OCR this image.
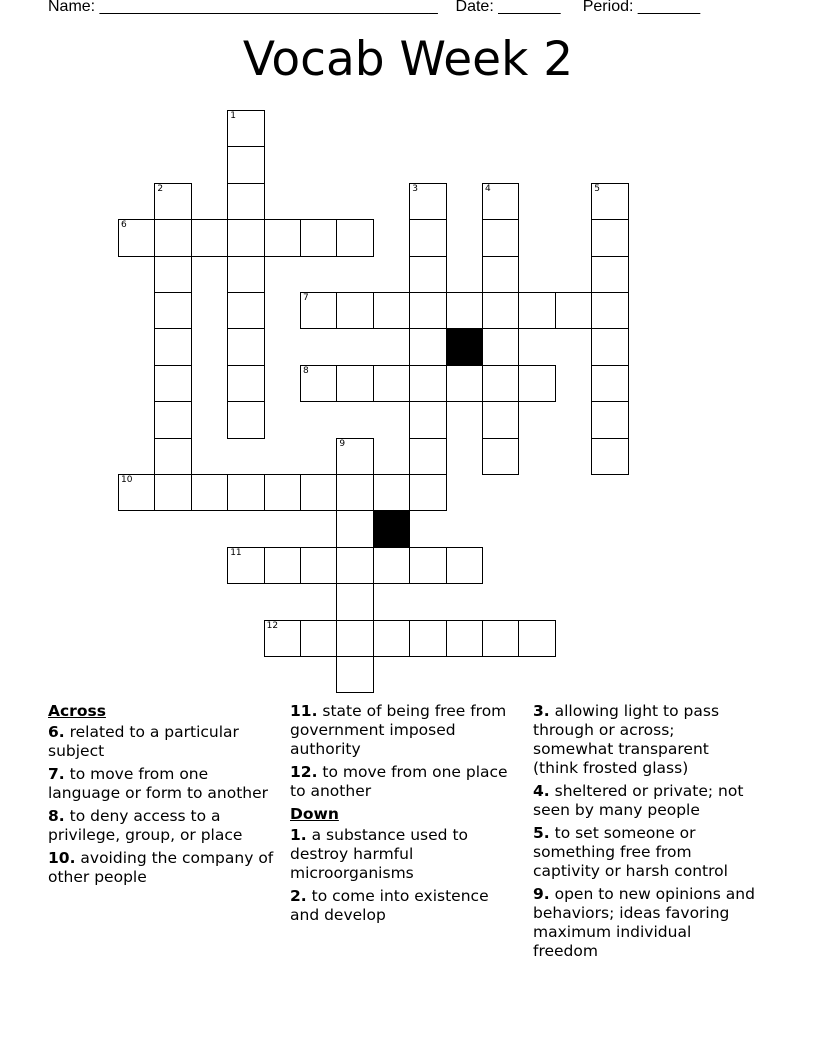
Name: ______________________________________ Date: _______ Period: _______
Vocab Week 2
1
2	3	4	5
6
7
8
9
10
11
12
Across
6. related to a particular subject
7. to move from one language or form to another
8. to deny access to a privilege, group, or place
10. avoiding the company of other people
11. state of being free from government imposed authority
12. to move from one place to another
Down
1. a substance used to destroy harmful microorganisms
2. to come into existence and develop
3. allowing light to pass through or across; somewhat transparent (think frosted glass)
4. sheltered or private; not seen by many people
5. to set someone or something free from captivity or harsh control
9. open to new opinions and behaviors; ideas favoring maximum individual freedom
